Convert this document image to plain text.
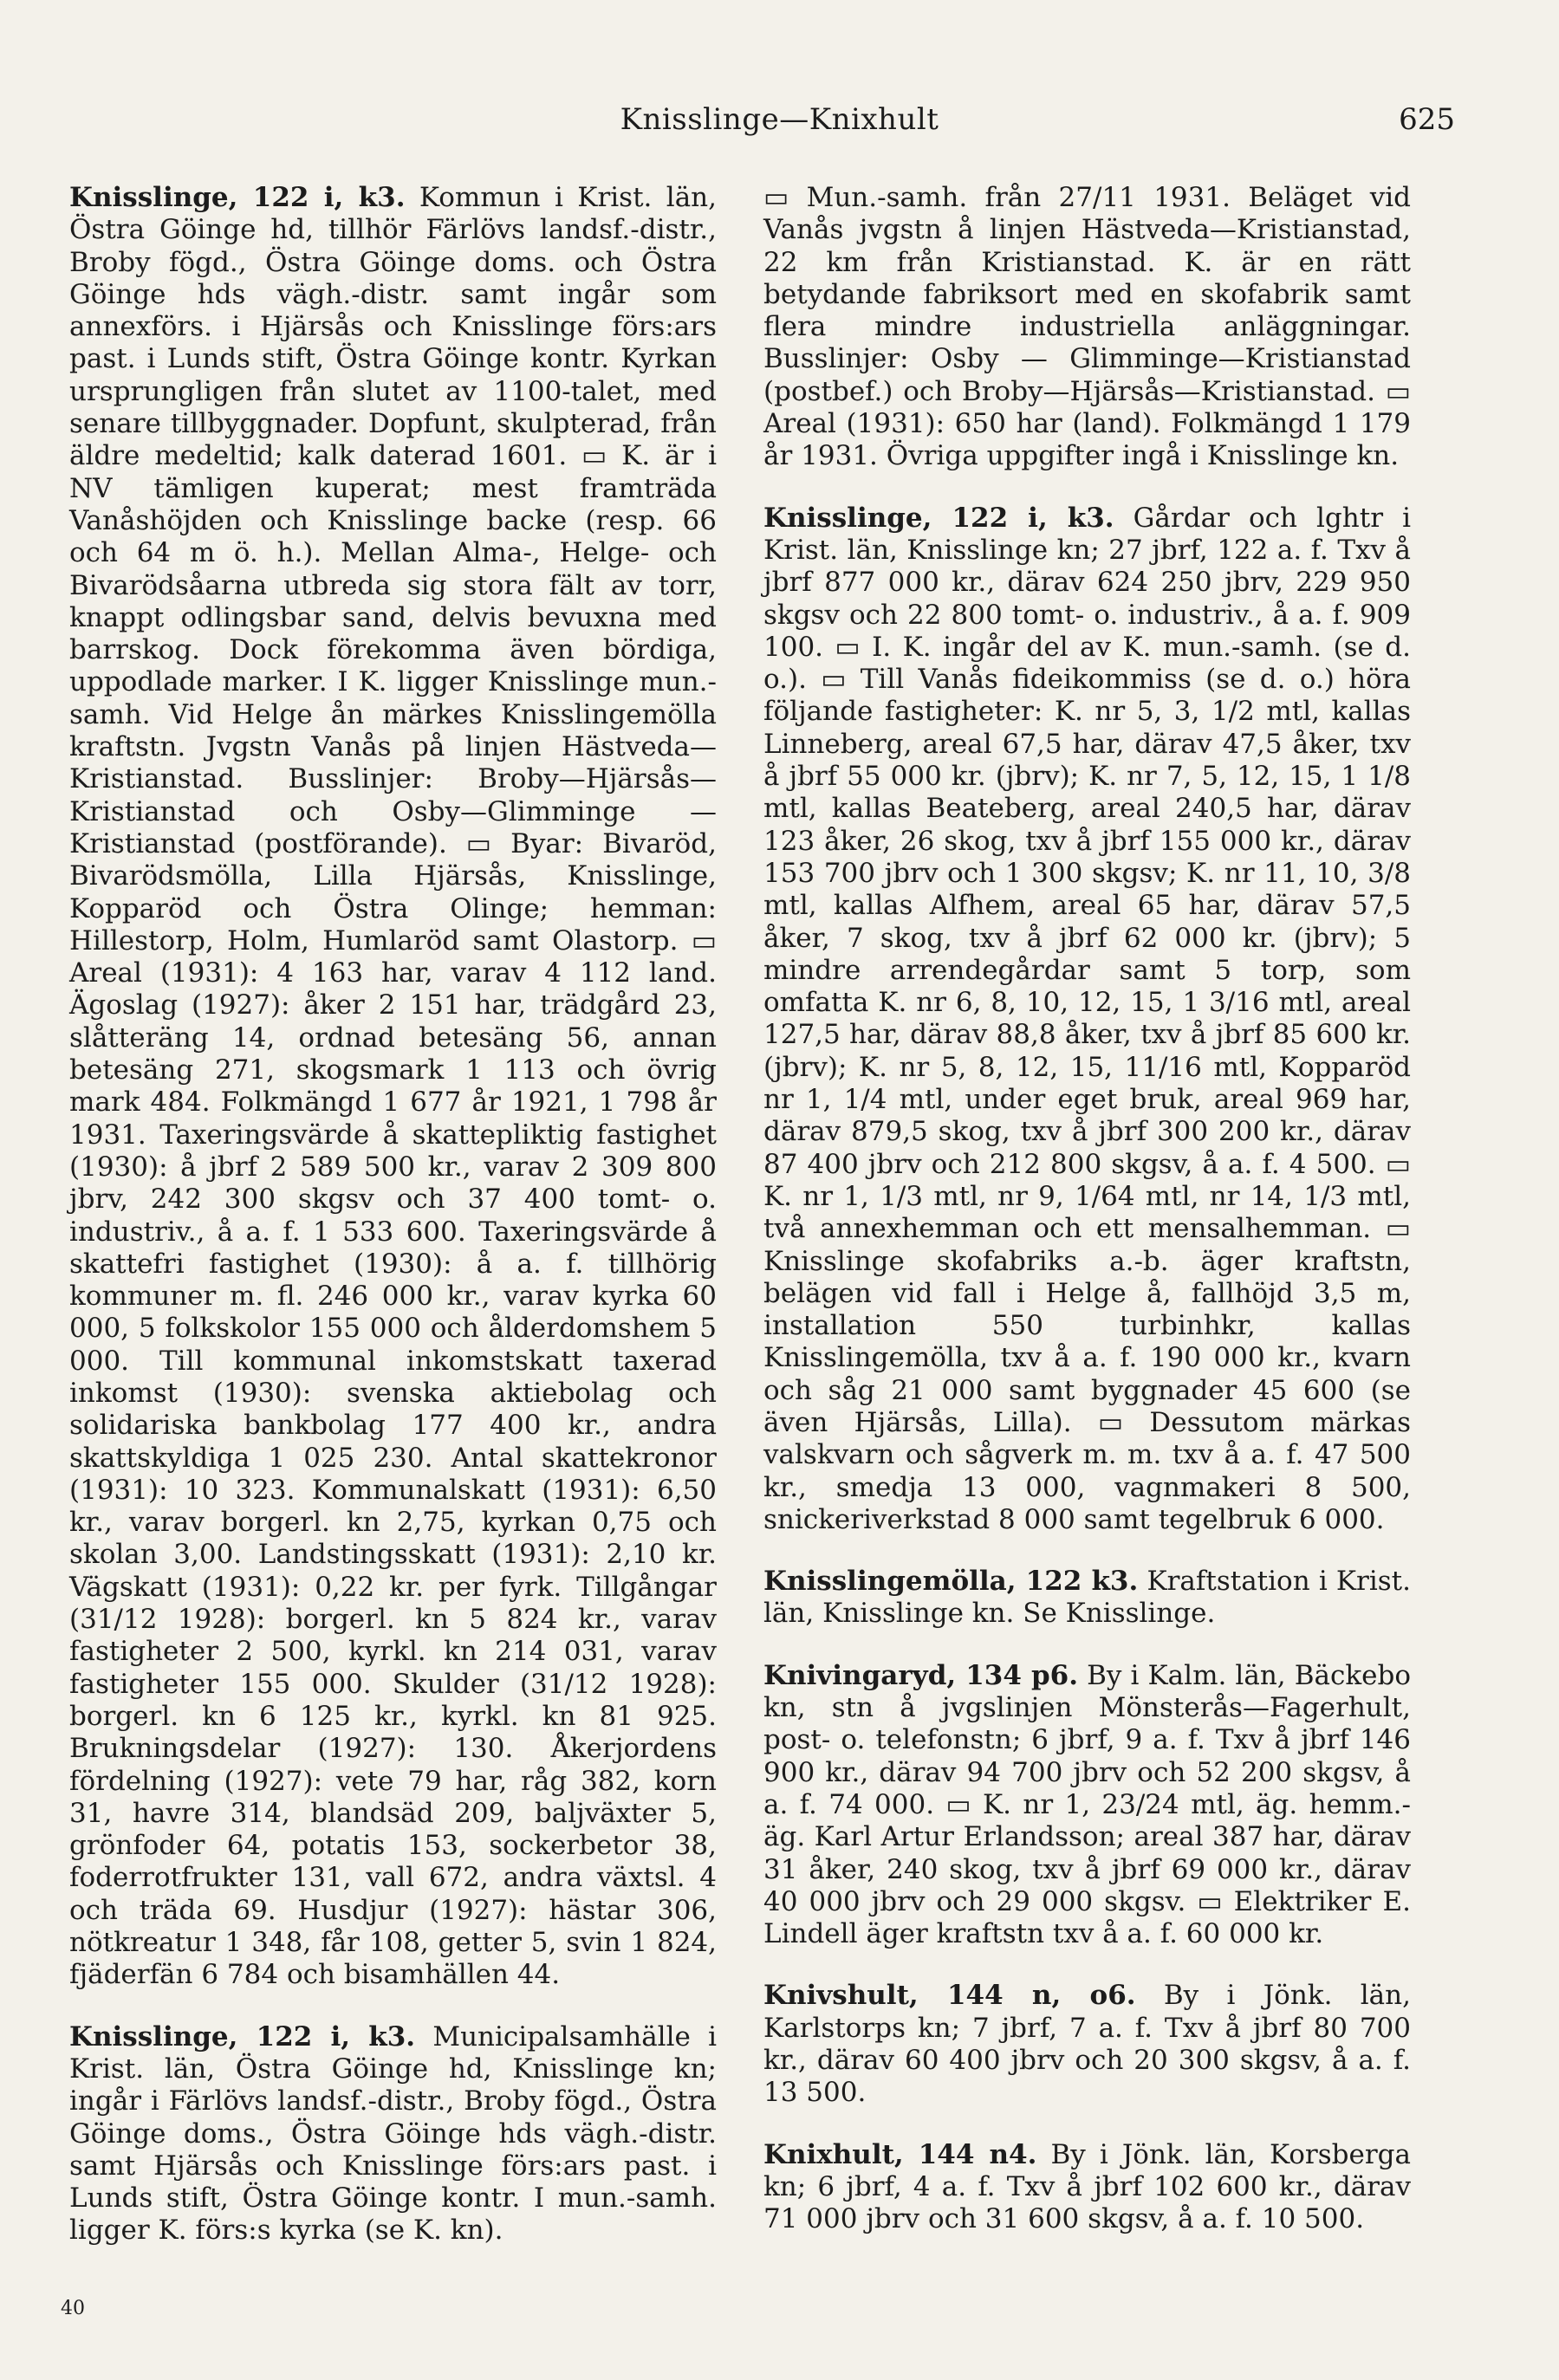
Knisslinge—Knixhult	625

Knisslinge, 122 i, k3. Kommun i Krist. län, Östra Göinge hd, tillhör Färlövs landsf.-distr., Broby fögd., Östra Göinge doms. och Östra Göinge hds vägh.-distr. samt ingår som annexförs. i Hjärsås och Knisslinge förs:ars past. i Lunds stift, Östra Göinge kontr. Kyrkan ursprungligen från slutet av 1100-talet, med senare tillbyggnader. Dopfunt, skulpterad, från äldre medeltid; kalk daterad 1601. ▭ K. är i NV tämligen kuperat; mest framträda Vanåshöjden och Knisslinge backe (resp. 66 och 64 m ö. h.). Mellan Alma-, Helge- och Bivarödsåarna utbreda sig stora fält av torr, knappt odlingsbar sand, delvis bevuxna med barrskog. Dock förekomma även bördiga, uppodlade marker. I K. ligger Knisslinge mun.-samh. Vid Helge ån märkes Knisslingemölla kraftstn. Jvgstn Vanås på linjen Hästveda—Kristianstad. Busslinjer: Broby—Hjärsås—Kristianstad och Osby—Glimminge —Kristianstad (postförande). ▭ Byar: Bivaröd, Bivarödsmölla, Lilla Hjärsås, Knisslinge, Kopparöd och Östra Olinge; hemman: Hillestorp, Holm, Humlaröd samt Olastorp. ▭ Areal (1931): 4 163 har, varav 4 112 land. Ägoslag (1927): åker 2 151 har, trädgård 23, slåtteräng 14, ordnad betesäng 56, annan betesäng 271, skogsmark 1 113 och övrig mark 484. Folkmängd 1 677 år 1921, 1 798 år 1931. Taxeringsvärde å skattepliktig fastighet (1930): å jbrf 2 589 500 kr., varav 2 309 800 jbrv, 242 300 skgsv och 37 400 tomt- o. industriv., å a. f. 1 533 600. Taxeringsvärde å skattefri fastighet (1930): å a. f. tillhörig kommuner m. fl. 246 000 kr., varav kyrka 60 000, 5 folkskolor 155 000 och ålderdomshem 5 000. Till kommunal inkomstskatt taxerad inkomst (1930): svenska aktiebolag och solidariska bankbolag 177 400 kr., andra skattskyldiga 1 025 230. Antal skattekronor (1931): 10 323. Kommunalskatt (1931): 6,50 kr., varav borgerl. kn 2,75, kyrkan 0,75 och skolan 3,00. Landstingsskatt (1931): 2,10 kr. Vägskatt (1931): 0,22 kr. per fyrk. Tillgångar (31/12 1928): borgerl. kn 5 824 kr., varav fastigheter 2 500, kyrkl. kn 214 031, varav fastigheter 155 000. Skulder (31/12 1928): borgerl. kn 6 125 kr., kyrkl. kn 81 925. Brukningsdelar (1927): 130. Åkerjordens fördelning (1927): vete 79 har, råg 382, korn 31, havre 314, blandsäd 209, baljväxter 5, grönfoder 64, potatis 153, sockerbetor 38, foderrotfrukter 131, vall 672, andra växtsl. 4 och träda 69. Husdjur (1927): hästar 306, nötkreatur 1 348, får 108, getter 5, svin 1 824, fjäderfän 6 784 och bisamhällen 44.

Knisslinge, 122 i, k3. Municipalsamhälle i Krist. län, Östra Göinge hd, Knisslinge kn; ingår i Färlövs landsf.-distr., Broby fögd., Östra Göinge doms., Östra Göinge hds vägh.-distr. samt Hjärsås och Knisslinge förs:ars past. i Lunds stift, Östra Göinge kontr. I mun.-samh. ligger K. förs:s kyrka (se K. kn).

▭ Mun.-samh. från 27/11 1931. Beläget vid Vanås jvgstn å linjen Hästveda—Kristianstad, 22 km från Kristianstad. K. är en rätt betydande fabriksort med en skofabrik samt flera mindre industriella anläggningar. Busslinjer: Osby — Glimminge—Kristianstad (postbef.) och Broby—Hjärsås—Kristianstad. ▭ Areal (1931): 650 har (land). Folkmängd 1 179 år 1931. Övriga uppgifter ingå i Knisslinge kn.

Knisslinge, 122 i, k3. Gårdar och lghtr i Krist. län, Knisslinge kn; 27 jbrf, 122 a. f. Txv å jbrf 877 000 kr., därav 624 250 jbrv, 229 950 skgsv och 22 800 tomt- o. industriv., å a. f. 909 100. ▭ I. K. ingår del av K. mun.-samh. (se d. o.). ▭ Till Vanås fideikommiss (se d. o.) höra följande fastigheter: K. nr 5, 3, 1/2 mtl, kallas Linneberg, areal 67,5 har, därav 47,5 åker, txv å jbrf 55 000 kr. (jbrv); K. nr 7, 5, 12, 15, 1 1/8 mtl, kallas Beateberg, areal 240,5 har, därav 123 åker, 26 skog, txv å jbrf 155 000 kr., därav 153 700 jbrv och 1 300 skgsv; K. nr 11, 10, 3/8 mtl, kallas Alfhem, areal 65 har, därav 57,5 åker, 7 skog, txv å jbrf 62 000 kr. (jbrv); 5 mindre arrendegårdar samt 5 torp, som omfatta K. nr 6, 8, 10, 12, 15, 1 3/16 mtl, areal 127,5 har, därav 88,8 åker, txv å jbrf 85 600 kr. (jbrv); K. nr 5, 8, 12, 15, 11/16 mtl, Kopparöd nr 1, 1/4 mtl, under eget bruk, areal 969 har, därav 879,5 skog, txv å jbrf 300 200 kr., därav 87 400 jbrv och 212 800 skgsv, å a. f. 4 500. ▭ K. nr 1, 1/3 mtl, nr 9, 1/64 mtl, nr 14, 1/3 mtl, två annexhemman och ett mensalhemman. ▭ Knisslinge skofabriks a.-b. äger kraftstn, belägen vid fall i Helge å, fallhöjd 3,5 m, installation 550 turbinhkr, kallas Knisslingemölla, txv å a. f. 190 000 kr., kvarn och såg 21 000 samt byggnader 45 600 (se även Hjärsås, Lilla). ▭ Dessutom märkas valskvarn och sågverk m. m. txv å a. f. 47 500 kr., smedja 13 000, vagnmakeri 8 500, snickeriverkstad 8 000 samt tegelbruk 6 000.

Knisslingemölla, 122 k3. Kraftstation i Krist. län, Knisslinge kn. Se Knisslinge.

Knivingaryd, 134 p6. By i Kalm. län, Bäckebo kn, stn å jvgslinjen Mönsterås—Fagerhult, post- o. telefonstn; 6 jbrf, 9 a. f. Txv å jbrf 146 900 kr., därav 94 700 jbrv och 52 200 skgsv, å a. f. 74 000. ▭ K. nr 1, 23/24 mtl, äg. hemm.-äg. Karl Artur Erlandsson; areal 387 har, därav 31 åker, 240 skog, txv å jbrf 69 000 kr., därav 40 000 jbrv och 29 000 skgsv. ▭ Elektriker E. Lindell äger kraftstn txv å a. f. 60 000 kr.

Knivshult, 144 n, o6. By i Jönk. län, Karlstorps kn; 7 jbrf, 7 a. f. Txv å jbrf 80 700 kr., därav 60 400 jbrv och 20 300 skgsv, å a. f. 13 500.

Knixhult, 144 n4. By i Jönk. län, Korsberga kn; 6 jbrf, 4 a. f. Txv å jbrf 102 600 kr., därav 71 000 jbrv och 31 600 skgsv, å a. f. 10 500.

40
